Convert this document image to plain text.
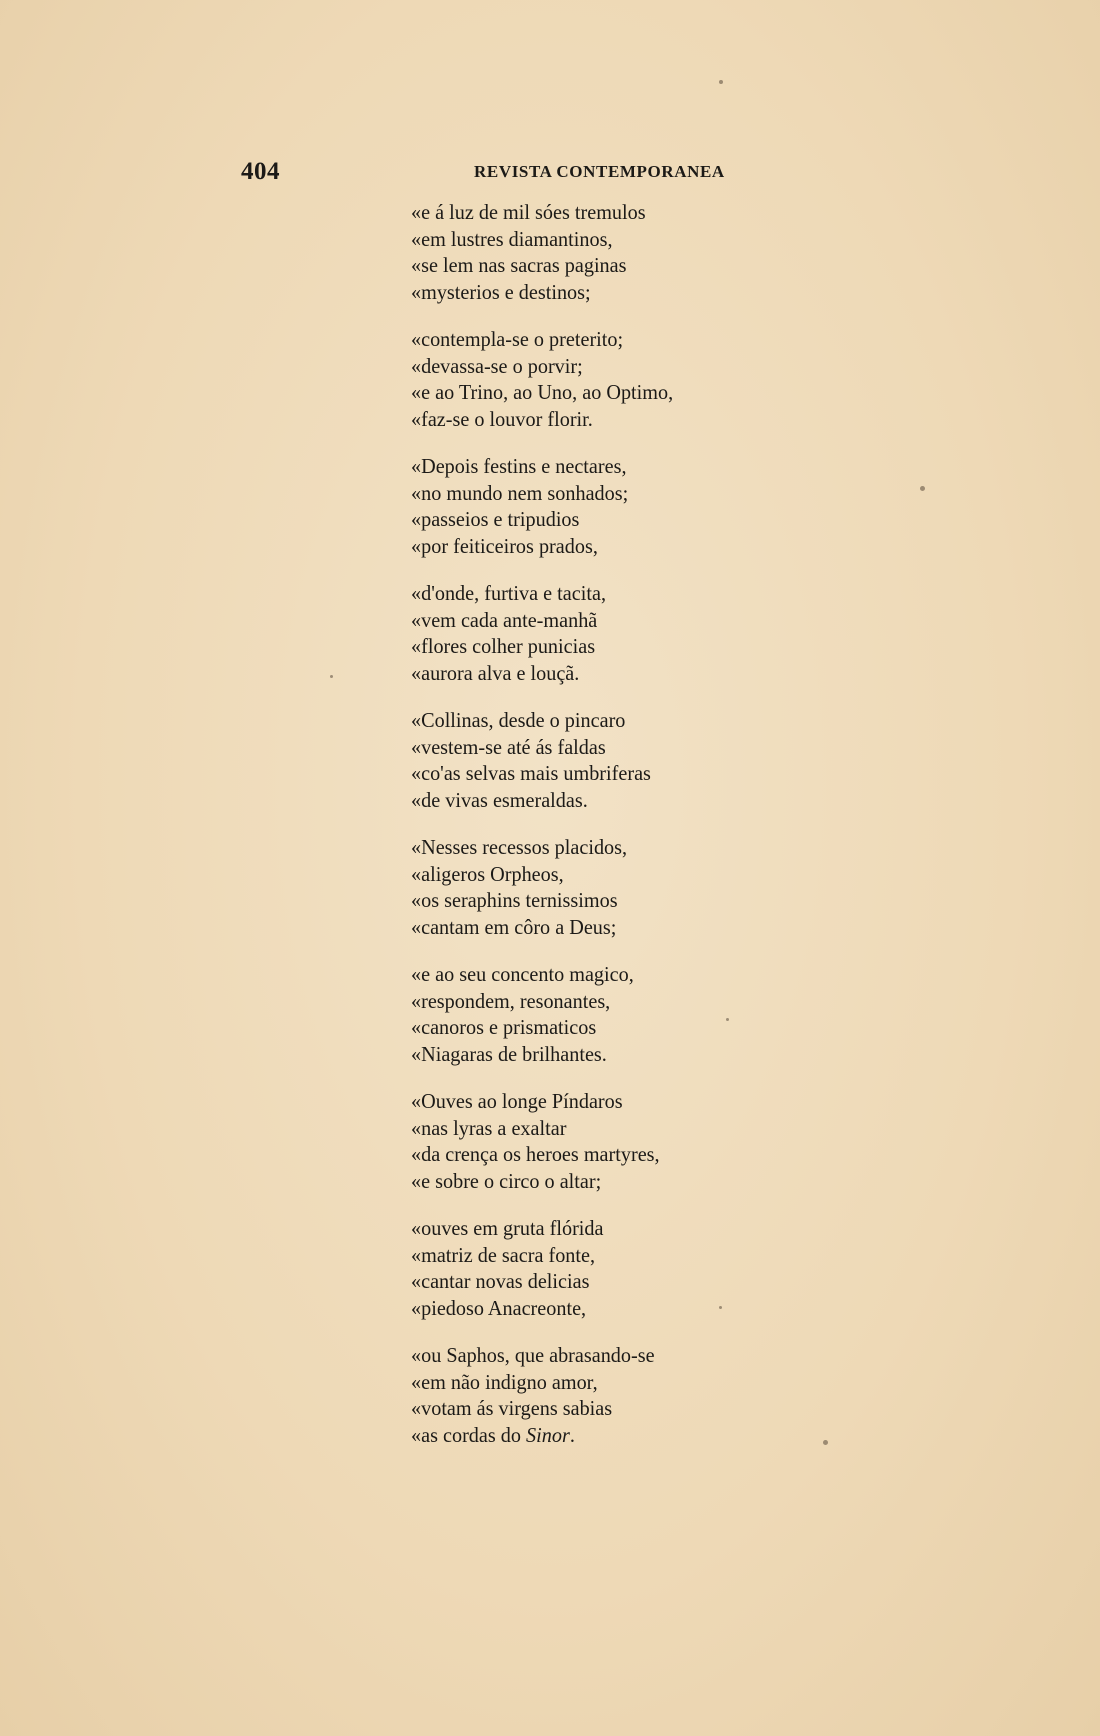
404	REVISTA CONTEMPORANEA
«e á luz de mil sóes tremulos
«em lustres diamantinos,
«se lem nas sacras paginas
«mysterios e destinos;
«contempla-se o preterito;
«devassa-se o porvir;
«e ao Trino, ao Uno, ao Optimo,
«faz-se o louvor florir.
«Depois festins e nectares,
«no mundo nem sonhados;
«passeios e tripudios
«por feiticeiros prados,
«d'onde, furtiva e tacita,
«vem cada ante-manhã
«flores colher punicias
«aurora alva e louçã.
«Collinas, desde o pincaro
«vestem-se até ás faldas
«co'as selvas mais umbriferas
«de vivas esmeraldas.
«Nesses recessos placidos,
«aligeros Orpheos,
«os seraphins ternissimos
«cantam em côro a Deus;
«e ao seu concento magico,
«respondem, resonantes,
«canoros e prismaticos
«Niagaras de brilhantes.
«Ouves ao longe Píndaros
«nas lyras a exaltar
«da crença os heroes martyres,
«e sobre o circo o altar;
«ouves em gruta flórida
«matriz de sacra fonte,
«cantar novas delicias
«piedoso Anacreonte,
«ou Saphos, que abrasando-se
«em não indigno amor,
«votam ás virgens sabias
«as cordas do Sinor.
